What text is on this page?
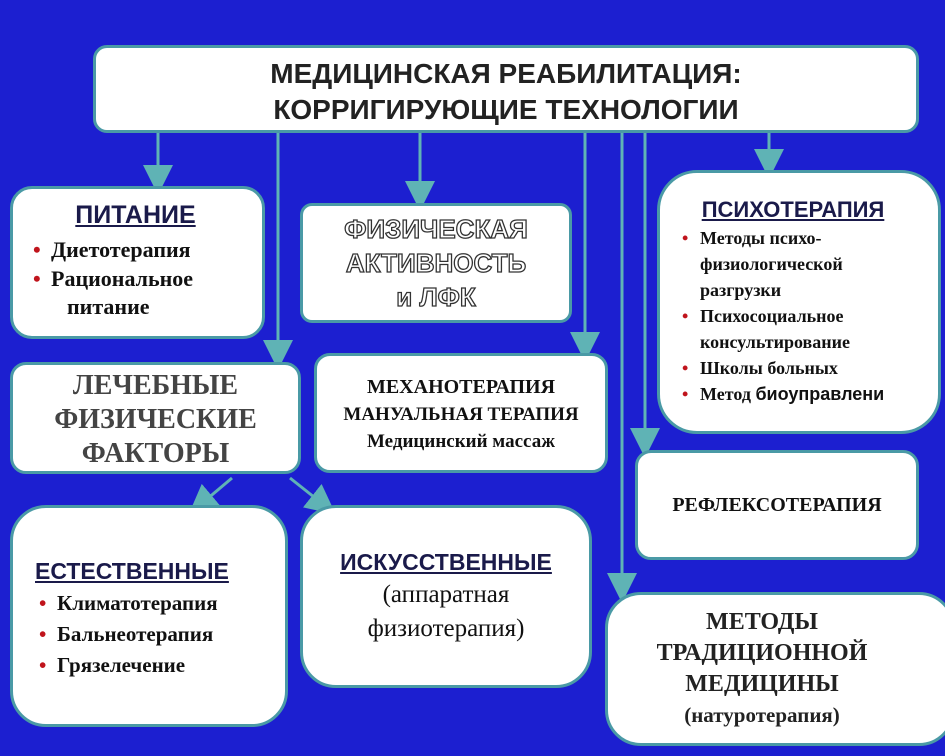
МЕДИЦИНСКАЯ РЕАБИЛИТАЦИЯ:
КОРРИГИРУЮЩИЕ ТЕХНОЛОГИИ
ПИТАНИЕ
• Диетотерапия
• Рациональное
питание
ФИЗИЧЕСКАЯ
АКТИВНОСТЬ
и ЛФК
ПСИХОТЕРАПИЯ
• Методы психо-
физиологической
разгрузки
• Психосоциальное
консультирование
• Школы больных
• Метод биоуправлени
ЛЕЧЕБНЫЕ
ФИЗИЧЕСКИЕ
ФАКТОРЫ
МЕХАНОТЕРАПИЯ
МАНУАЛЬНАЯ ТЕРАПИЯ
Медицинский массаж
РЕФЛЕКСОТЕРАПИЯ
ЕСТЕСТВЕННЫЕ
• Климатотерапия
• Бальнеотерапия
• Грязелечение
ИСКУССТВЕННЫЕ
(аппаратная
физиотерапия)	МЕТОДЫ
ТРАДИЦИОННОЙ
МЕДИЦИНЫ
(натуротерапия)
